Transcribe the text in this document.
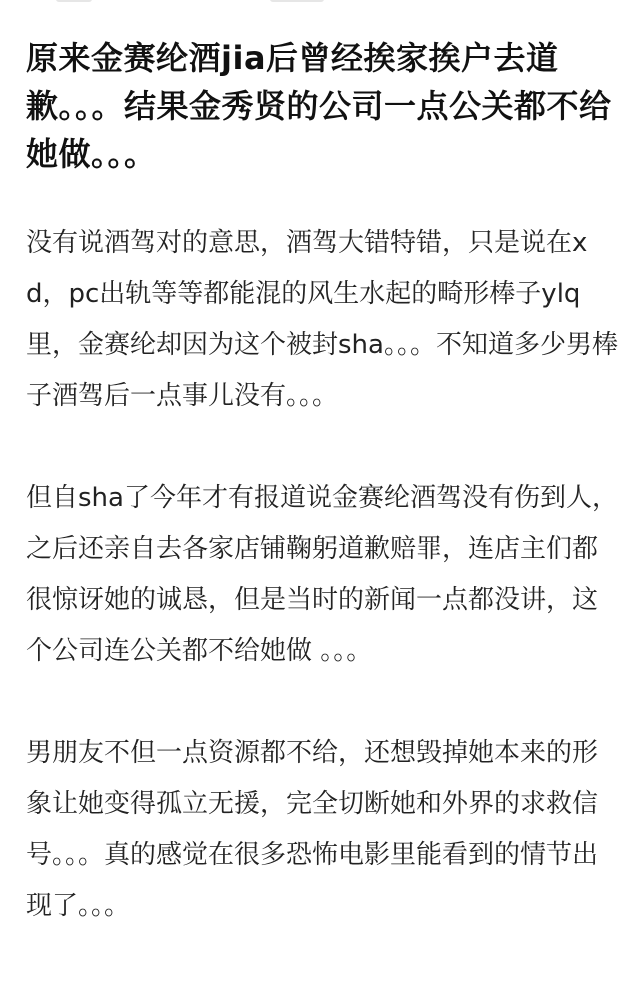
原来金赛纶酒jia后曾经挨家挨户去道歉。。。结果金秀贤的公司一点公关都不给她做。。。

没有说酒驾对的意思，酒驾大错特错，只是说在xd，pc出轨等等都能混的风生水起的畸形棒子ylq里，金赛纶却因为这个被封sha。。。不知道多少男棒子酒驾后一点事儿没有。。。

但自sha了今年才有报道说金赛纶酒驾没有伤到人，之后还亲自去各家店铺鞠躬道歉赔罪，连店主们都很惊讶她的诚恳，但是当时的新闻一点都没讲，这个公司连公关都不给她做 。。。

男朋友不但一点资源都不给，还想毁掉她本来的形象让她变得孤立无援，完全切断她和外界的求救信号。。。真的感觉在很多恐怖电影里能看到的情节出现了。。。
